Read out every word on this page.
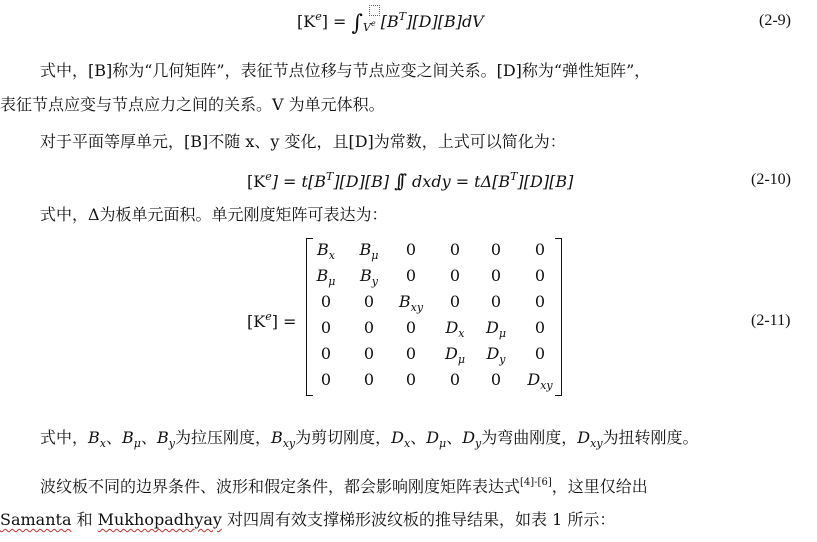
$[K^e] = \int_{V^e}$ $[B^T][D][B]dV$	(2-9)
式中，[B]称为“几何矩阵”，表征节点位移与节点应变之间关系。[D]称为“弹性矩阵”，
表征节点应变与节点应力之间的关系。V 为单元体积。
对于平面等厚单元，[B]不随 x、y 变化，且[D]为常数，上式可以简化为：
$[K^e] = t[B^T][D][B]$ ∫∫ dxdy = $t\Delta[B^T][D][B]$	(2-10)
式中，Δ为板单元面积。单元刚度矩阵可表达为：
$[K^e]$ =
$B_x$	$B_\mu$	0	0	0	0
$B_\mu$	$B_y$	0	0	0	0
0	0	$B_{xy}$	0	0	0
0	0	0	$D_x$	$D_\mu$	0
0	0	0	$D_\mu$	$D_y$	0
0	0	0	0	0	$D_{xy}$
(2-11)
式中，$B_x$、$B_\mu$、$B_y$为拉压刚度，$B_{xy}$为剪切刚度，$D_x$、$D_\mu$、$D_y$为弯曲刚度，$D_{xy}$为扭转刚度。
波纹板不同的边界条件、波形和假定条件，都会影响刚度矩阵表达式[4]-[6]，这里仅给出
Samanta 和 Mukhopadhyay 对四周有效支撑梯形波纹板的推导结果，如表 1 所示：
